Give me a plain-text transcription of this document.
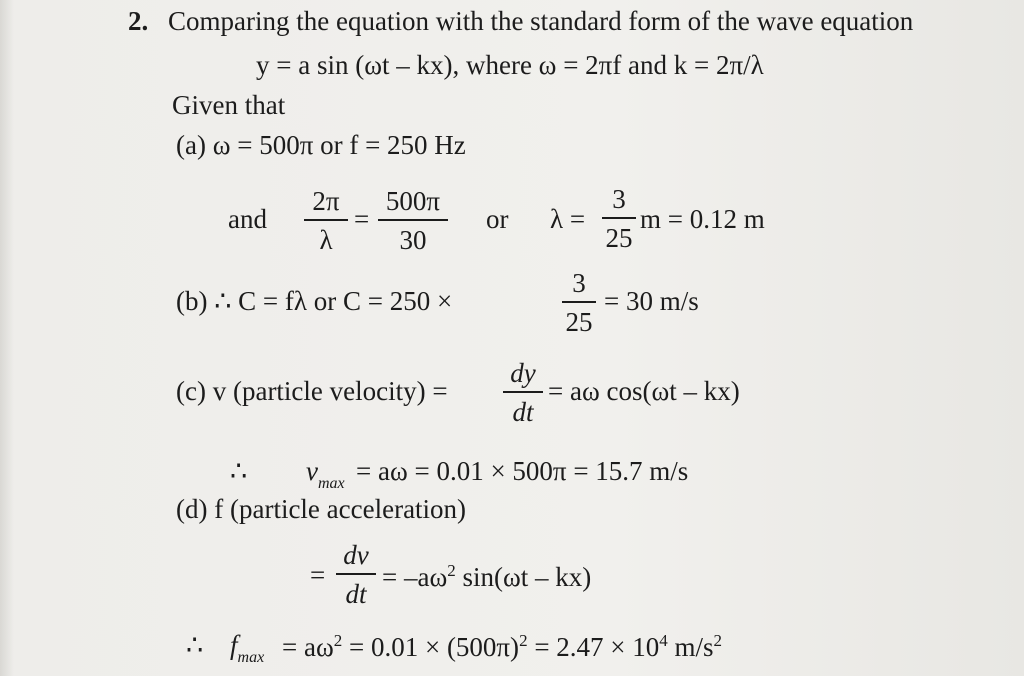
2. Comparing the equation with the standard form of the wave equation
y = a sin (ωt – kx), where ω = 2πf and k = 2π/λ
Given that
(a) ω = 500π or f = 250 Hz
and
2π
λ
=
500π
30
or λ =
3
25
m = 0.12 m
(b) ∴ C = fλ or C = 250 ×
3
25
= 30 m/s
(c) v (particle velocity) =
dy
dt
= aω cos(ωt – kx)
∴ $v_{max} = a\omega = 0.01 \times 500\pi = 15.7$ m/s
(d) f (particle acceleration)
=
dv
dt
= $-a\omega^2$ sin(ωt – kx)
∴ $f_{max} = a\omega^2 = 0.01 \times (500\pi)^2 = 2.47 \times 10^4$ $m/s^2$
